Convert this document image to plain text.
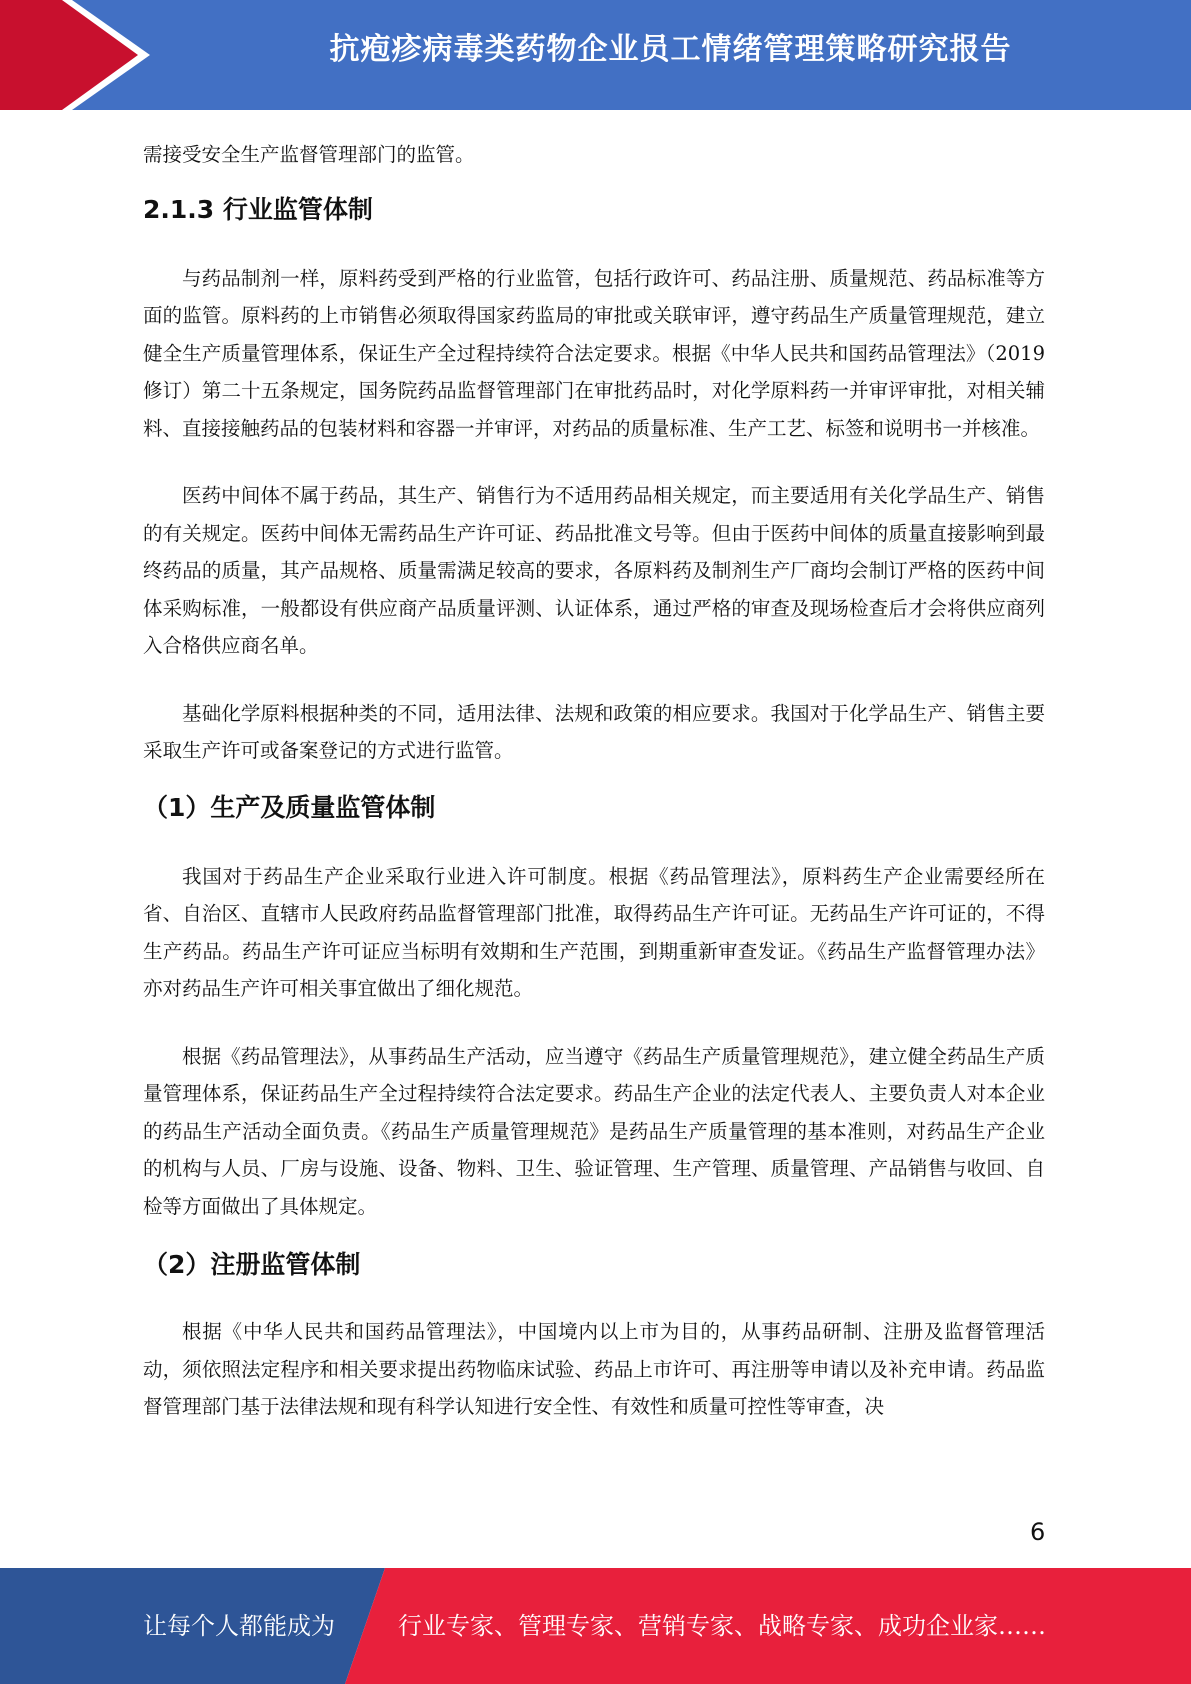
抗疱疹病毒类药物企业员工情绪管理策略研究报告

需接受安全生产监督管理部门的监管。

2.1.3 行业监管体制

与药品制剂一样，原料药受到严格的行业监管，包括行政许可、药品注册、质量规范、药品标准等方面的监管。原料药的上市销售必须取得国家药监局的审批或关联审评，遵守药品生产质量管理规范，建立健全生产质量管理体系，保证生产全过程持续符合法定要求。根据《中华人民共和国药品管理法》（2019 修订）第二十五条规定，国务院药品监督管理部门在审批药品时，对化学原料药一并审评审批，对相关辅料、直接接触药品的包装材料和容器一并审评，对药品的质量标准、生产工艺、标签和说明书一并核准。

医药中间体不属于药品，其生产、销售行为不适用药品相关规定，而主要适用有关化学品生产、销售的有关规定。医药中间体无需药品生产许可证、药品批准文号等。但由于医药中间体的质量直接影响到最终药品的质量，其产品规格、质量需满足较高的要求，各原料药及制剂生产厂商均会制订严格的医药中间体采购标准，一般都设有供应商产品质量评测、认证体系，通过严格的审查及现场检查后才会将供应商列入合格供应商名单。

基础化学原料根据种类的不同，适用法律、法规和政策的相应要求。我国对于化学品生产、销售主要采取生产许可或备案登记的方式进行监管。

（1）生产及质量监管体制

我国对于药品生产企业采取行业进入许可制度。根据《药品管理法》，原料药生产企业需要经所在省、自治区、直辖市人民政府药品监督管理部门批准，取得药品生产许可证。无药品生产许可证的，不得生产药品。药品生产许可证应当标明有效期和生产范围，到期重新审查发证。《药品生产监督管理办法》亦对药品生产许可相关事宜做出了细化规范。

根据《药品管理法》，从事药品生产活动，应当遵守《药品生产质量管理规范》，建立健全药品生产质量管理体系，保证药品生产全过程持续符合法定要求。药品生产企业的法定代表人、主要负责人对本企业的药品生产活动全面负责。《药品生产质量管理规范》是药品生产质量管理的基本准则，对药品生产企业的机构与人员、厂房与设施、设备、物料、卫生、验证管理、生产管理、质量管理、产品销售与收回、自检等方面做出了具体规定。

（2）注册监管体制

根据《中华人民共和国药品管理法》，中国境内以上市为目的，从事药品研制、注册及监督管理活动，须依照法定程序和相关要求提出药物临床试验、药品上市许可、再注册等申请以及补充申请。药品监督管理部门基于法律法规和现有科学认知进行安全性、有效性和质量可控性等审查，决

6
让每个人都能成为	行业专家、管理专家、营销专家、战略专家、成功企业家……
